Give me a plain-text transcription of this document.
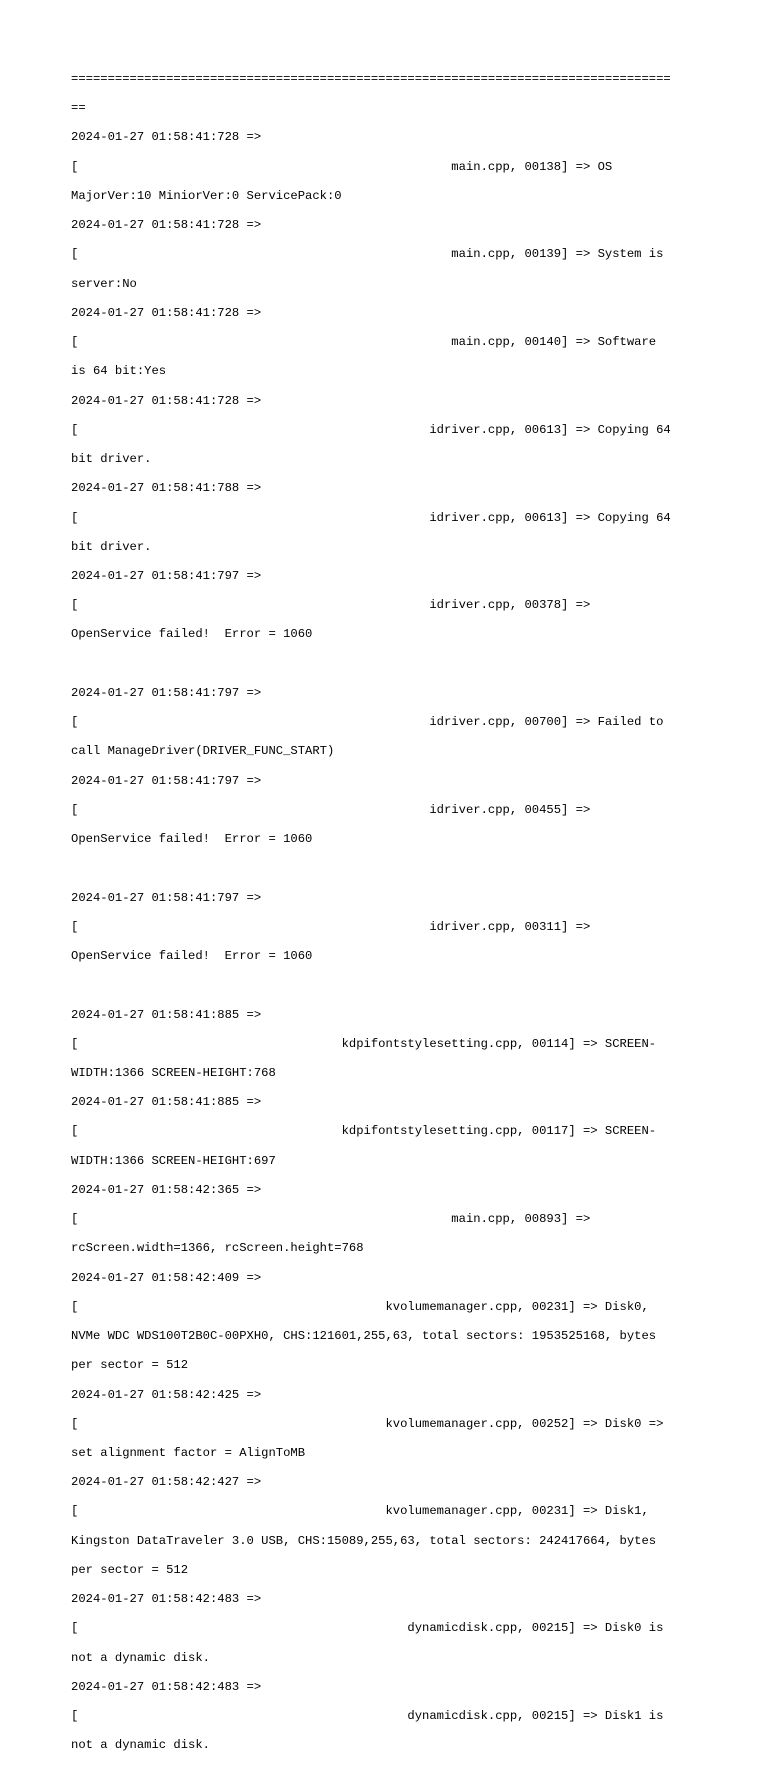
==================================================================================

==

2024-01-27 01:58:41:728 =>

[                                                   main.cpp, 00138] => OS

MajorVer:10 MiniorVer:0 ServicePack:0

2024-01-27 01:58:41:728 =>

[                                                   main.cpp, 00139] => System is

server:No

2024-01-27 01:58:41:728 =>

[                                                   main.cpp, 00140] => Software

is 64 bit:Yes

2024-01-27 01:58:41:728 =>

[                                                idriver.cpp, 00613] => Copying 64

bit driver.

2024-01-27 01:58:41:788 =>

[                                                idriver.cpp, 00613] => Copying 64

bit driver.

2024-01-27 01:58:41:797 =>

[                                                idriver.cpp, 00378] =>

OpenService failed!  Error = 1060

2024-01-27 01:58:41:797 =>

[                                                idriver.cpp, 00700] => Failed to

call ManageDriver(DRIVER_FUNC_START)

2024-01-27 01:58:41:797 =>

[                                                idriver.cpp, 00455] =>

OpenService failed!  Error = 1060

2024-01-27 01:58:41:797 =>

[                                                idriver.cpp, 00311] =>

OpenService failed!  Error = 1060

2024-01-27 01:58:41:885 =>

[                                    kdpifontstylesetting.cpp, 00114] => SCREEN-

WIDTH:1366 SCREEN-HEIGHT:768

2024-01-27 01:58:41:885 =>

[                                    kdpifontstylesetting.cpp, 00117] => SCREEN-

WIDTH:1366 SCREEN-HEIGHT:697

2024-01-27 01:58:42:365 =>

[                                                   main.cpp, 00893] =>

rcScreen.width=1366, rcScreen.height=768

2024-01-27 01:58:42:409 =>

[                                          kvolumemanager.cpp, 00231] => Disk0,

NVMe WDC WDS100T2B0C-00PXH0, CHS:121601,255,63, total sectors: 1953525168, bytes

per sector = 512

2024-01-27 01:58:42:425 =>

[                                          kvolumemanager.cpp, 00252] => Disk0 =>

set alignment factor = AlignToMB

2024-01-27 01:58:42:427 =>

[                                          kvolumemanager.cpp, 00231] => Disk1,

Kingston DataTraveler 3.0 USB, CHS:15089,255,63, total sectors: 242417664, bytes

per sector = 512

2024-01-27 01:58:42:483 =>

[                                             dynamicdisk.cpp, 00215] => Disk0 is

not a dynamic disk.

2024-01-27 01:58:42:483 =>

[                                             dynamicdisk.cpp, 00215] => Disk1 is

not a dynamic disk.
